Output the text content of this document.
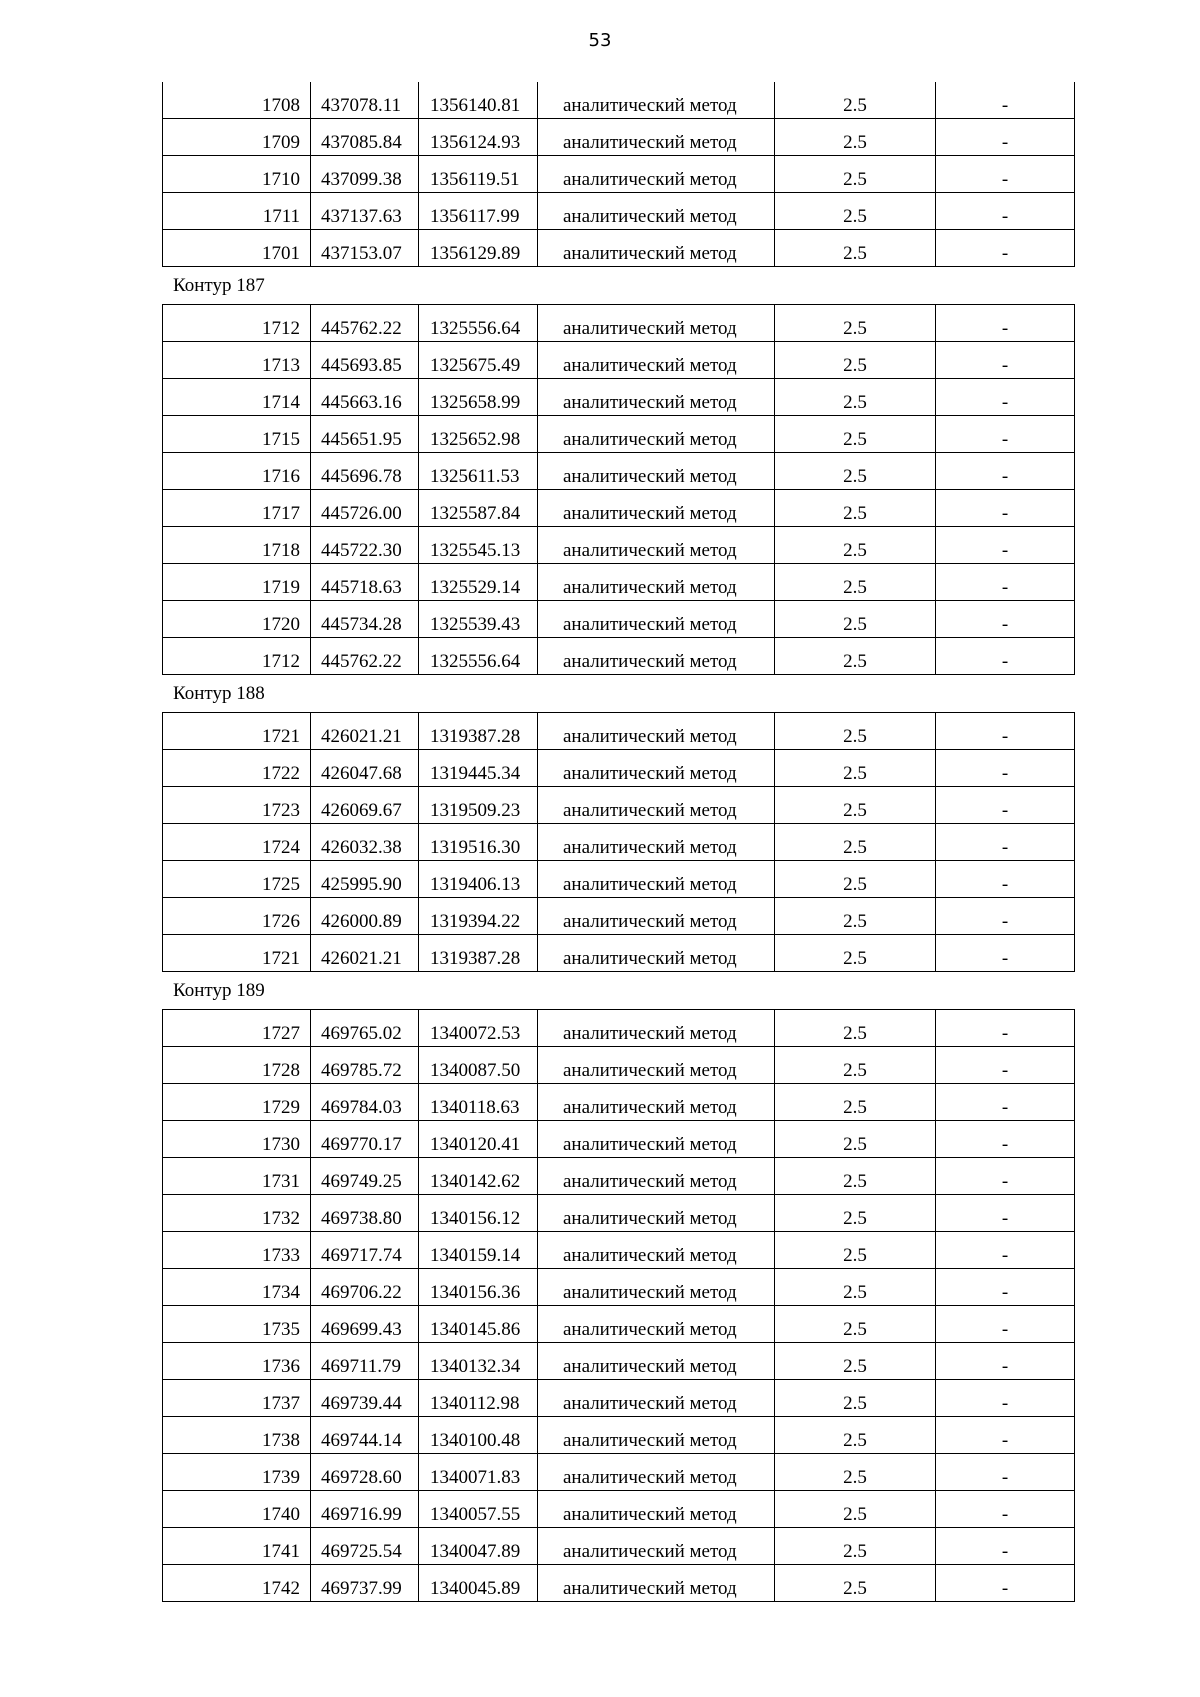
53
1708	437078.11	1356140.81	аналитический метод	2.5	-
1709	437085.84	1356124.93	аналитический метод	2.5	-
1710	437099.38	1356119.51	аналитический метод	2.5	-
1711	437137.63	1356117.99	аналитический метод	2.5	-
1701	437153.07	1356129.89	аналитический метод	2.5	-
Контур 187
1712	445762.22	1325556.64	аналитический метод	2.5	-
1713	445693.85	1325675.49	аналитический метод	2.5	-
1714	445663.16	1325658.99	аналитический метод	2.5	-
1715	445651.95	1325652.98	аналитический метод	2.5	-
1716	445696.78	1325611.53	аналитический метод	2.5	-
1717	445726.00	1325587.84	аналитический метод	2.5	-
1718	445722.30	1325545.13	аналитический метод	2.5	-
1719	445718.63	1325529.14	аналитический метод	2.5	-
1720	445734.28	1325539.43	аналитический метод	2.5	-
1712	445762.22	1325556.64	аналитический метод	2.5	-
Контур 188
1721	426021.21	1319387.28	аналитический метод	2.5	-
1722	426047.68	1319445.34	аналитический метод	2.5	-
1723	426069.67	1319509.23	аналитический метод	2.5	-
1724	426032.38	1319516.30	аналитический метод	2.5	-
1725	425995.90	1319406.13	аналитический метод	2.5	-
1726	426000.89	1319394.22	аналитический метод	2.5	-
1721	426021.21	1319387.28	аналитический метод	2.5	-
Контур 189
1727	469765.02	1340072.53	аналитический метод	2.5	-
1728	469785.72	1340087.50	аналитический метод	2.5	-
1729	469784.03	1340118.63	аналитический метод	2.5	-
1730	469770.17	1340120.41	аналитический метод	2.5	-
1731	469749.25	1340142.62	аналитический метод	2.5	-
1732	469738.80	1340156.12	аналитический метод	2.5	-
1733	469717.74	1340159.14	аналитический метод	2.5	-
1734	469706.22	1340156.36	аналитический метод	2.5	-
1735	469699.43	1340145.86	аналитический метод	2.5	-
1736	469711.79	1340132.34	аналитический метод	2.5	-
1737	469739.44	1340112.98	аналитический метод	2.5	-
1738	469744.14	1340100.48	аналитический метод	2.5	-
1739	469728.60	1340071.83	аналитический метод	2.5	-
1740	469716.99	1340057.55	аналитический метод	2.5	-
1741	469725.54	1340047.89	аналитический метод	2.5	-
1742	469737.99	1340045.89	аналитический метод	2.5	-
